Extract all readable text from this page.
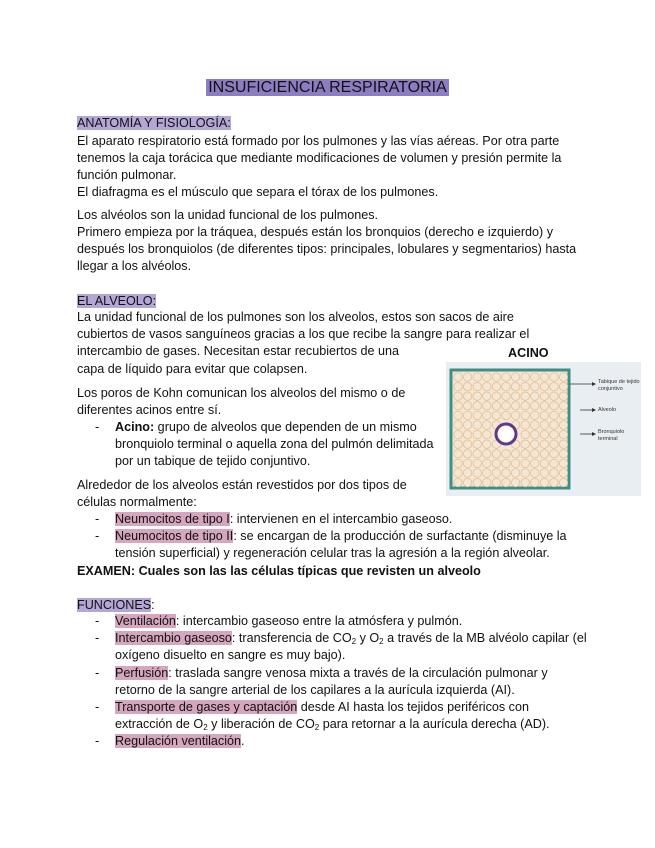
INSUFICIENCIA RESPIRATORIA

ANATOMÍA Y FISIOLOGÍA:

El aparato respiratorio está formado por los pulmones y las vías aéreas. Por otra parte tenemos la caja torácica que mediante modificaciones de volumen y presión permite la función pulmonar.

El diafragma es el músculo que separa el tórax de los pulmones.

Los alvéolos son la unidad funcional de los pulmones.

Primero empieza por la tráquea, después están los bronquios (derecho e izquierdo) y después los bronquiolos (de diferentes tipos: principales, lobulares y segmentarios) hasta llegar a los alvéolos.

EL ALVEOLO:

La unidad funcional de los pulmones son los alveolos, estos son sacos de aire cubiertos de vasos sanguíneos gracias a los que recibe la sangre para realizar el intercambio de gases. Necesitan estar recubiertos de una

capa de líquido para evitar que colapsen.

Los poros de Kohn comunican los alveolos del mismo o de diferentes acinos entre sí.

- Acino: grupo de alveolos que dependen de un mismo bronquiolo terminal o aquella zona del pulmón delimitada por un tabique de tejido conjuntivo.

Alrededor de los alveolos están revestidos por dos tipos de células normalmente:

- Neumocitos de tipo I: intervienen en el intercambio gaseoso.
- Neumocitos de tipo II: se encargan de la producción de surfactante (disminuye la tensión superficial) y regeneración celular tras la agresión a la región alveolar.

EXAMEN: Cuales son las las células típicas que revisten un alveolo

ACINO
Tabique de tejido conjuntivo
Alveolo
Bronquiolo terminal

FUNCIONES:

- Ventilación: intercambio gaseoso entre la atmósfera y pulmón.
- Intercambio gaseoso: transferencia de $CO_2$ y $O_2$ a través de la MB alvéolo capilar (el oxígeno disuelto en sangre es muy bajo).
- Perfusión: traslada sangre venosa mixta a través de la circulación pulmonar y retorno de la sangre arterial de los capilares a la aurícula izquierda (AI).
- Transporte de gases y captación desde AI hasta los tejidos periféricos con extracción de $O_2$ y liberación de $CO_2$ para retornar a la aurícula derecha (AD).
- Regulación ventilación.
